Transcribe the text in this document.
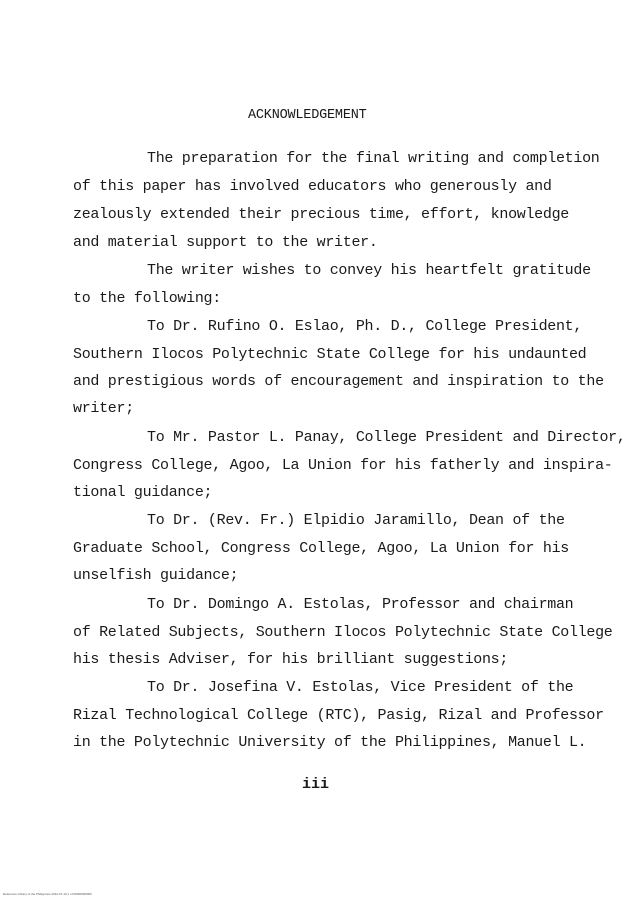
ACKNOWLEDGEMENT
The preparation for the final writing and completion
of this paper has involved educators who generously and
zealously extended their precious time, effort, knowledge
and material support to the writer.
The writer wishes to convey his heartfelt gratitude
to the following:
To Dr. Rufino O. Eslao, Ph. D., College President,
Southern Ilocos Polytechnic State College for his undaunted
and prestigious words of encouragement and inspiration to the
writer;
To Mr. Pastor L. Panay, College President and Director,
Congress College, Agoo, La Union for his fatherly and inspira-
tional guidance;
To Dr. (Rev. Fr.) Elpidio Jaramillo, Dean of the
Graduate School, Congress College, Agoo, La Union for his
unselfish guidance;
To Dr. Domingo A. Estolas, Professor and chairman
of Related Subjects, Southern Ilocos Polytechnic State College
his thesis Adviser, for his brilliant suggestions;
To Dr. Josefina V. Estolas, Vice President of the
Rizal Technological College (RTC), Pasig, Rizal and Professor
in the Polytechnic University of the Philippines, Manuel L.
iii
Reference Library of the Philippines 2012-07-10 1 of 00006000000
